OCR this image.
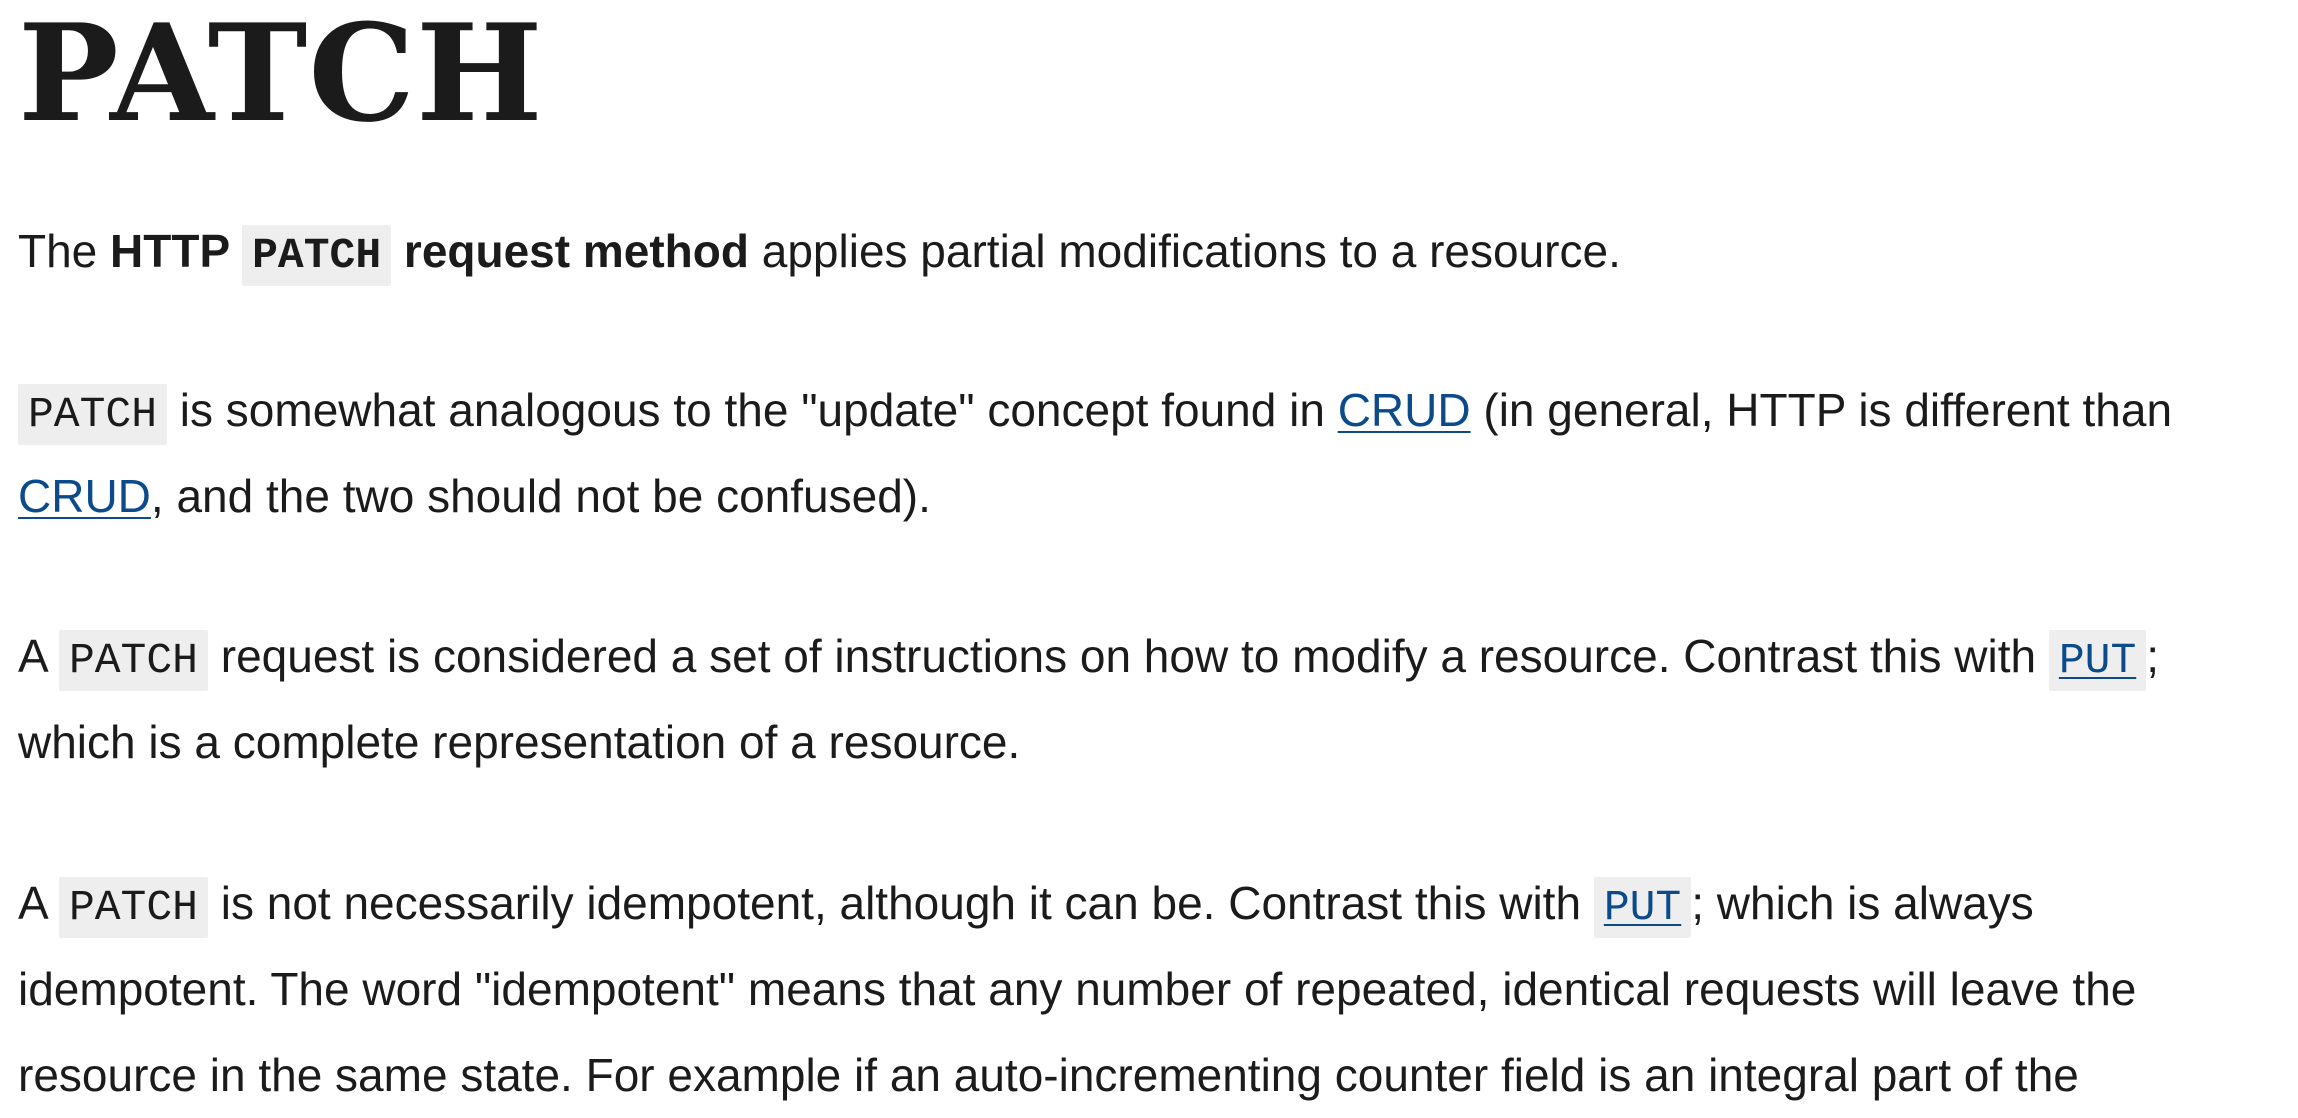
PATCH

The HTTP PATCH request method applies partial modifications to a resource.

PATCH is somewhat analogous to the "update" concept found in CRUD (in general, HTTP is different than
CRUD, and the two should not be confused).

A PATCH request is considered a set of instructions on how to modify a resource. Contrast this with PUT ;
which is a complete representation of a resource.

A PATCH is not necessarily idempotent, although it can be. Contrast this with PUT ; which is always
idempotent. The word "idempotent" means that any number of repeated, identical requests will leave the
resource in the same state. For example if an auto-incrementing counter field is an integral part of the
